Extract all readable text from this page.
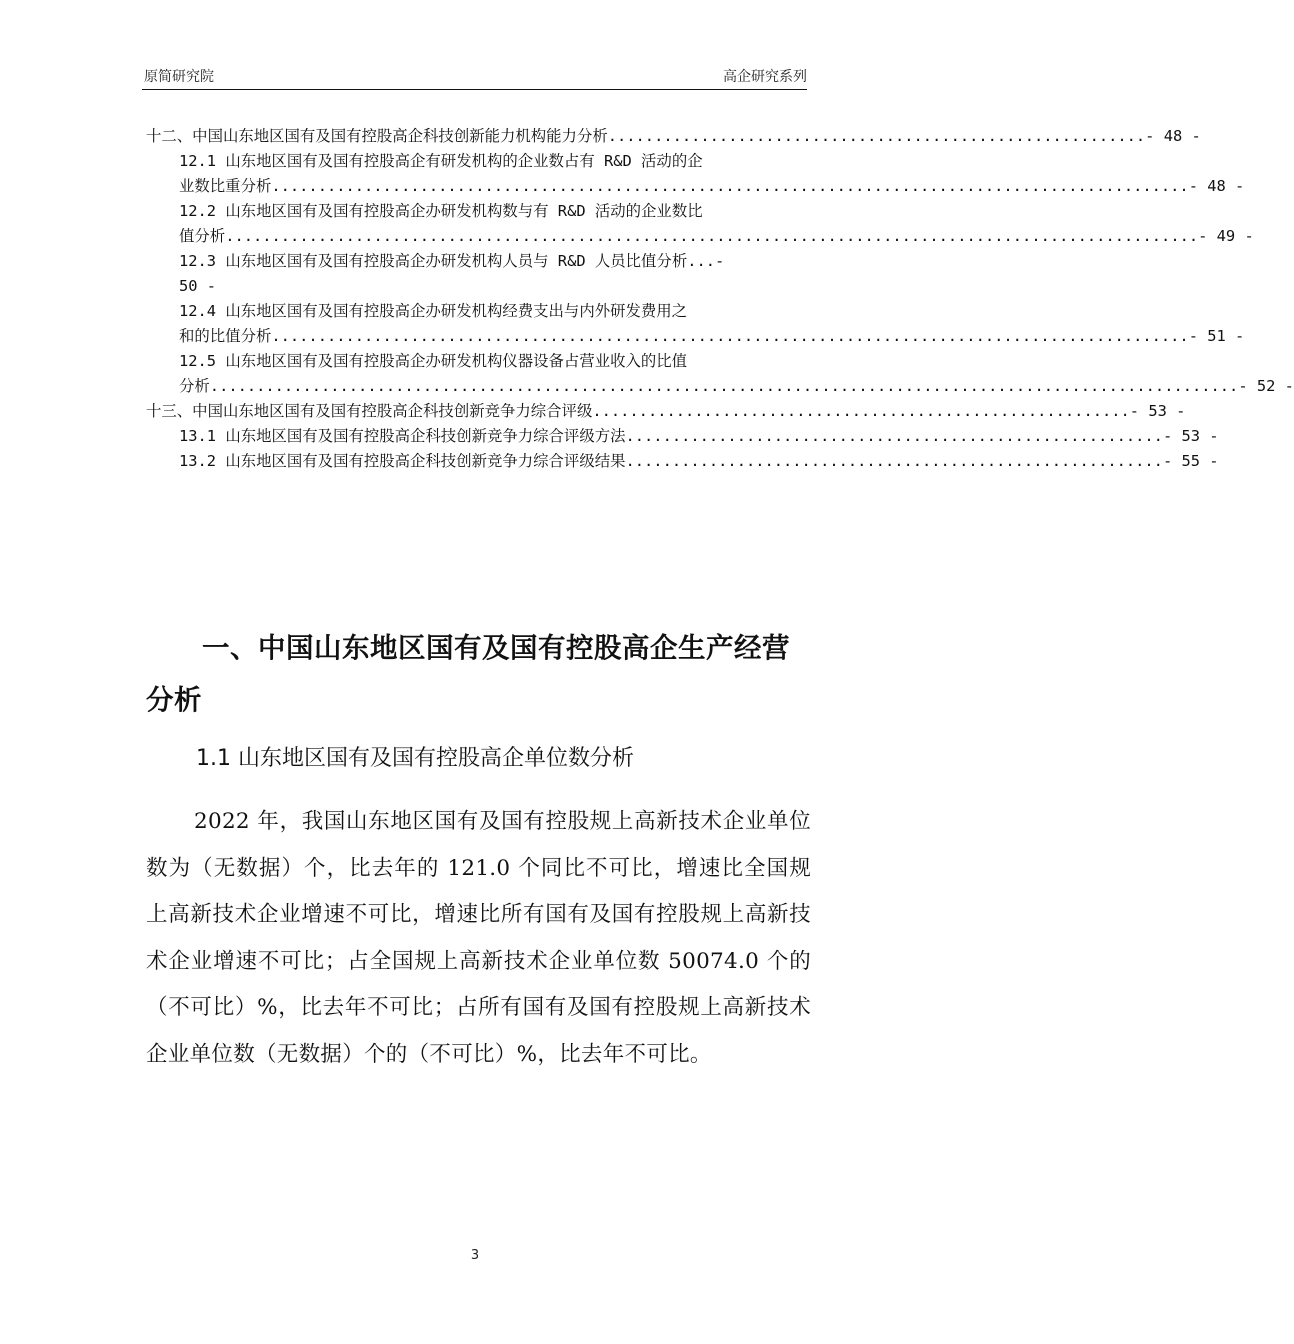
原简研究院	高企研究系列
十二、中国山东地区国有及国有控股高企科技创新能力机构能力分析 .......................................................... - 48 -
12.1 山东地区国有及国有控股高企有研发机构的企业数占有 R&D 活动的企
业数比重分析 ................................................................................................... - 48 -
12.2 山东地区国有及国有控股高企办研发机构数与有 R&D 活动的企业数比
值分析 ......................................................................................................... - 49 -
12.3 山东地区国有及国有控股高企办研发机构人员与 R&D 人员比值分析...-
50 -
12.4 山东地区国有及国有控股高企办研发机构经费支出与内外研发费用之
和的比值分析 ................................................................................................... - 51 -
12.5 山东地区国有及国有控股高企办研发机构仪器设备占营业收入的比值
分析 ............................................................................................................... - 52 -
十三、中国山东地区国有及国有控股高企科技创新竞争力综合评级 .......................................................... - 53 -
13.1 山东地区国有及国有控股高企科技创新竞争力综合评级方法 .......................................................... - 53 -
13.2 山东地区国有及国有控股高企科技创新竞争力综合评级结果 .......................................................... - 55 -
一、中国山东地区国有及国有控股高企生产经营分析
1.1 山东地区国有及国有控股高企单位数分析
2022 年，我国山东地区国有及国有控股规上高新技术企业单位数为（无数据）个，比去年的 121.0 个同比不可比，增速比全国规上高新技术企业增速不可比，增速比所有国有及国有控股规上高新技术企业增速不可比；占全国规上高新技术企业单位数 50074.0 个的（不可比）%，比去年不可比；占所有国有及国有控股规上高新技术企业单位数（无数据）个的（不可比）%，比去年不可比。
3
